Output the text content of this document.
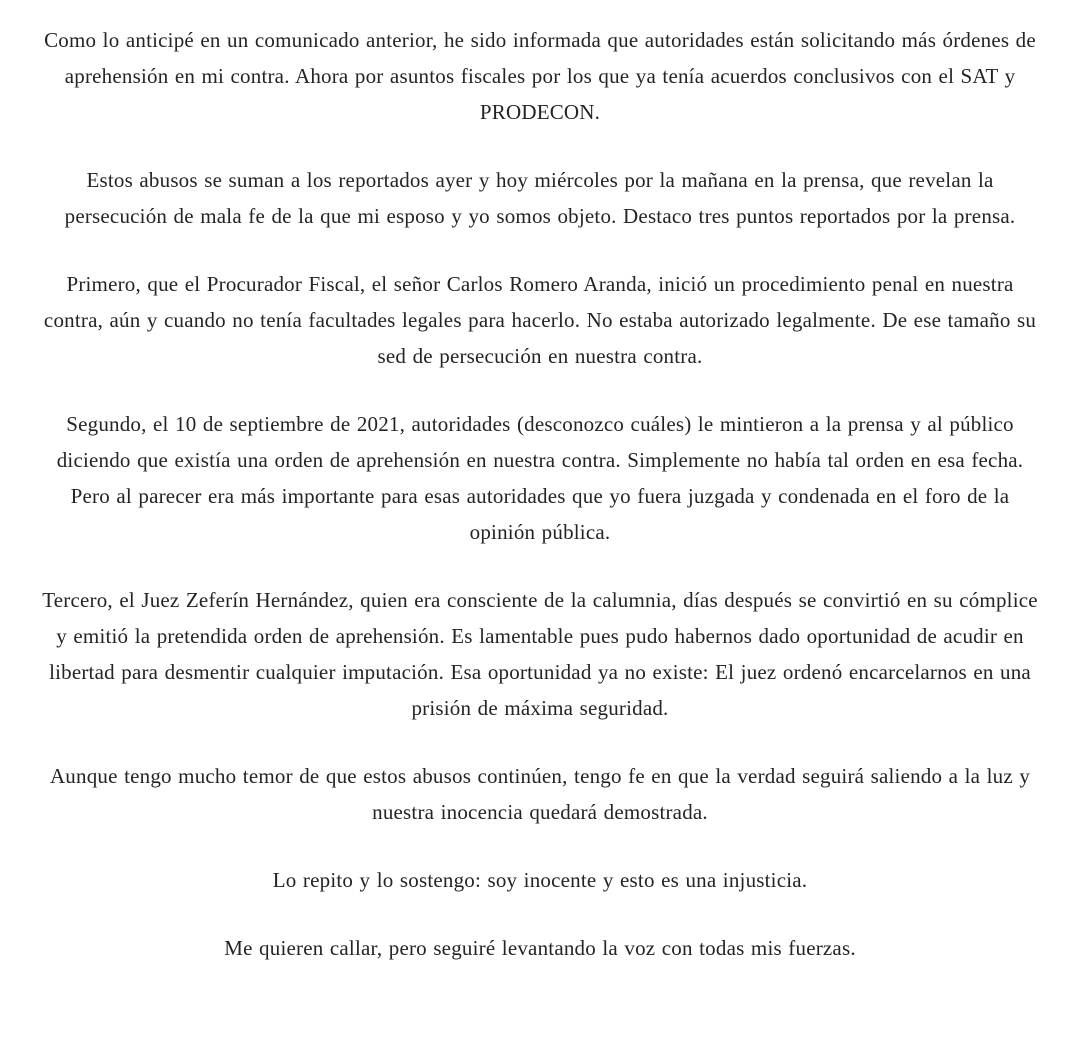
Como lo anticipé en un comunicado anterior, he sido informada que autoridades están solicitando más órdenes de aprehensión en mi contra. Ahora por asuntos fiscales por los que ya tenía acuerdos conclusivos con el SAT y PRODECON.

Estos abusos se suman a los reportados ayer y hoy miércoles por la mañana en la prensa, que revelan la persecución de mala fe de la que mi esposo y yo somos objeto. Destaco tres puntos reportados por la prensa.

Primero, que el Procurador Fiscal, el señor Carlos Romero Aranda, inició un procedimiento penal en nuestra contra, aún y cuando no tenía facultades legales para hacerlo. No estaba autorizado legalmente. De ese tamaño su sed de persecución en nuestra contra.

Segundo, el 10 de septiembre de 2021, autoridades (desconozco cuáles) le mintieron a la prensa y al público diciendo que existía una orden de aprehensión en nuestra contra. Simplemente no había tal orden en esa fecha. Pero al parecer era más importante para esas autoridades que yo fuera juzgada y condenada en el foro de la opinión pública.

Tercero, el Juez Zeferín Hernández, quien era consciente de la calumnia, días después se convirtió en su cómplice y emitió la pretendida orden de aprehensión. Es lamentable pues pudo habernos dado oportunidad de acudir en libertad para desmentir cualquier imputación. Esa oportunidad ya no existe: El juez ordenó encarcelarnos en una prisión de máxima seguridad.

Aunque tengo mucho temor de que estos abusos continúen, tengo fe en que la verdad seguirá saliendo a la luz y nuestra inocencia quedará demostrada.

Lo repito y lo sostengo: soy inocente y esto es una injusticia.

Me quieren callar, pero seguiré levantando la voz con todas mis fuerzas.
